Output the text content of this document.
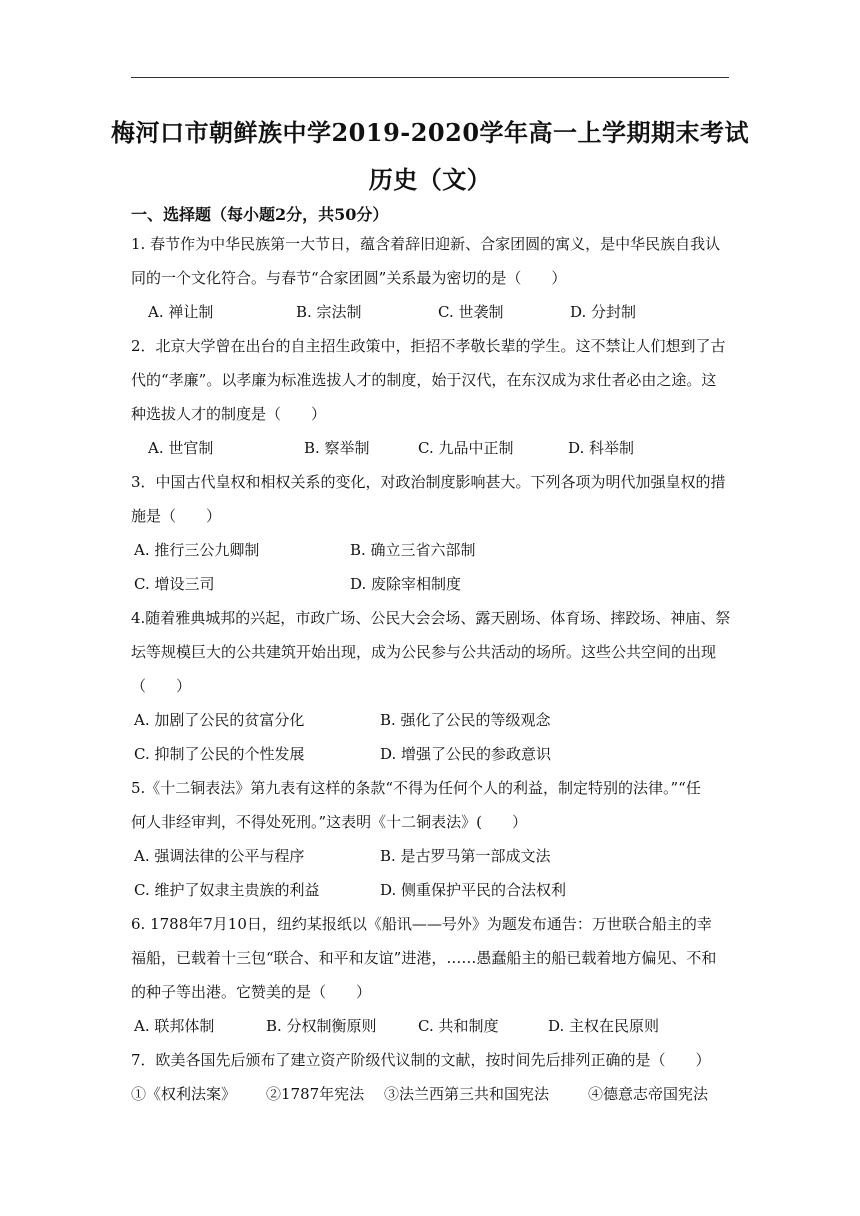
梅河口市朝鲜族中学2019-2020学年高一上学期期末考试
历史（文）
一、选择题（每小题2分，共50分）
1. 春节作为中华民族第一大节日，蕴含着辞旧迎新、合家团圆的寓义，是中华民族自我认
同的一个文化符合。与春节“合家团圆”关系最为密切的是（　　）
A. 禅让制	B. 宗法制	C. 世袭制	D. 分封制
2．北京大学曾在出台的自主招生政策中，拒招不孝敬长辈的学生。这不禁让人们想到了古
代的“孝廉”。以孝廉为标准选拔人才的制度，始于汉代，在东汉成为求仕者必由之途。这
种选拔人才的制度是（　　）
A. 世官制	B. 察举制	C. 九品中正制	D. 科举制
3．中国古代皇权和相权关系的变化，对政治制度影响甚大。下列各项为明代加强皇权的措
施是（　　）
A. 推行三公九卿制	B. 确立三省六部制
C. 增设三司	D. 废除宰相制度
4.随着雅典城邦的兴起，市政广场、公民大会会场、露天剧场、体育场、摔跤场、神庙、祭
坛等规模巨大的公共建筑开始出现，成为公民参与公共活动的场所。这些公共空间的出现
（　　）
A. 加剧了公民的贫富分化	B. 强化了公民的等级观念
C. 抑制了公民的个性发展	D. 增强了公民的参政意识
5.《十二铜表法》第九表有这样的条款“不得为任何个人的利益，制定特别的法律。”“任
何人非经审判，不得处死刑。”这表明《十二铜表法》(　　）
A. 强调法律的公平与程序	B. 是古罗马第一部成文法
C. 维护了奴隶主贵族的利益	D. 侧重保护平民的合法权利
6. 1788年7月10日，纽约某报纸以《船讯——号外》为题发布通告：万世联合船主的幸
福船，已载着十三包“联合、和平和友谊”进港，……愚蠢船主的船已载着地方偏见、不和
的种子等出港。它赞美的是（　　）
A. 联邦体制	B. 分权制衡原则	C. 共和制度	D. 主权在民原则
7．欧美各国先后颁布了建立资产阶级代议制的文献，按时间先后排列正确的是（　　）
①《权利法案》 ②1787年宪法 ③法兰西第三共和国宪法	④德意志帝国宪法
